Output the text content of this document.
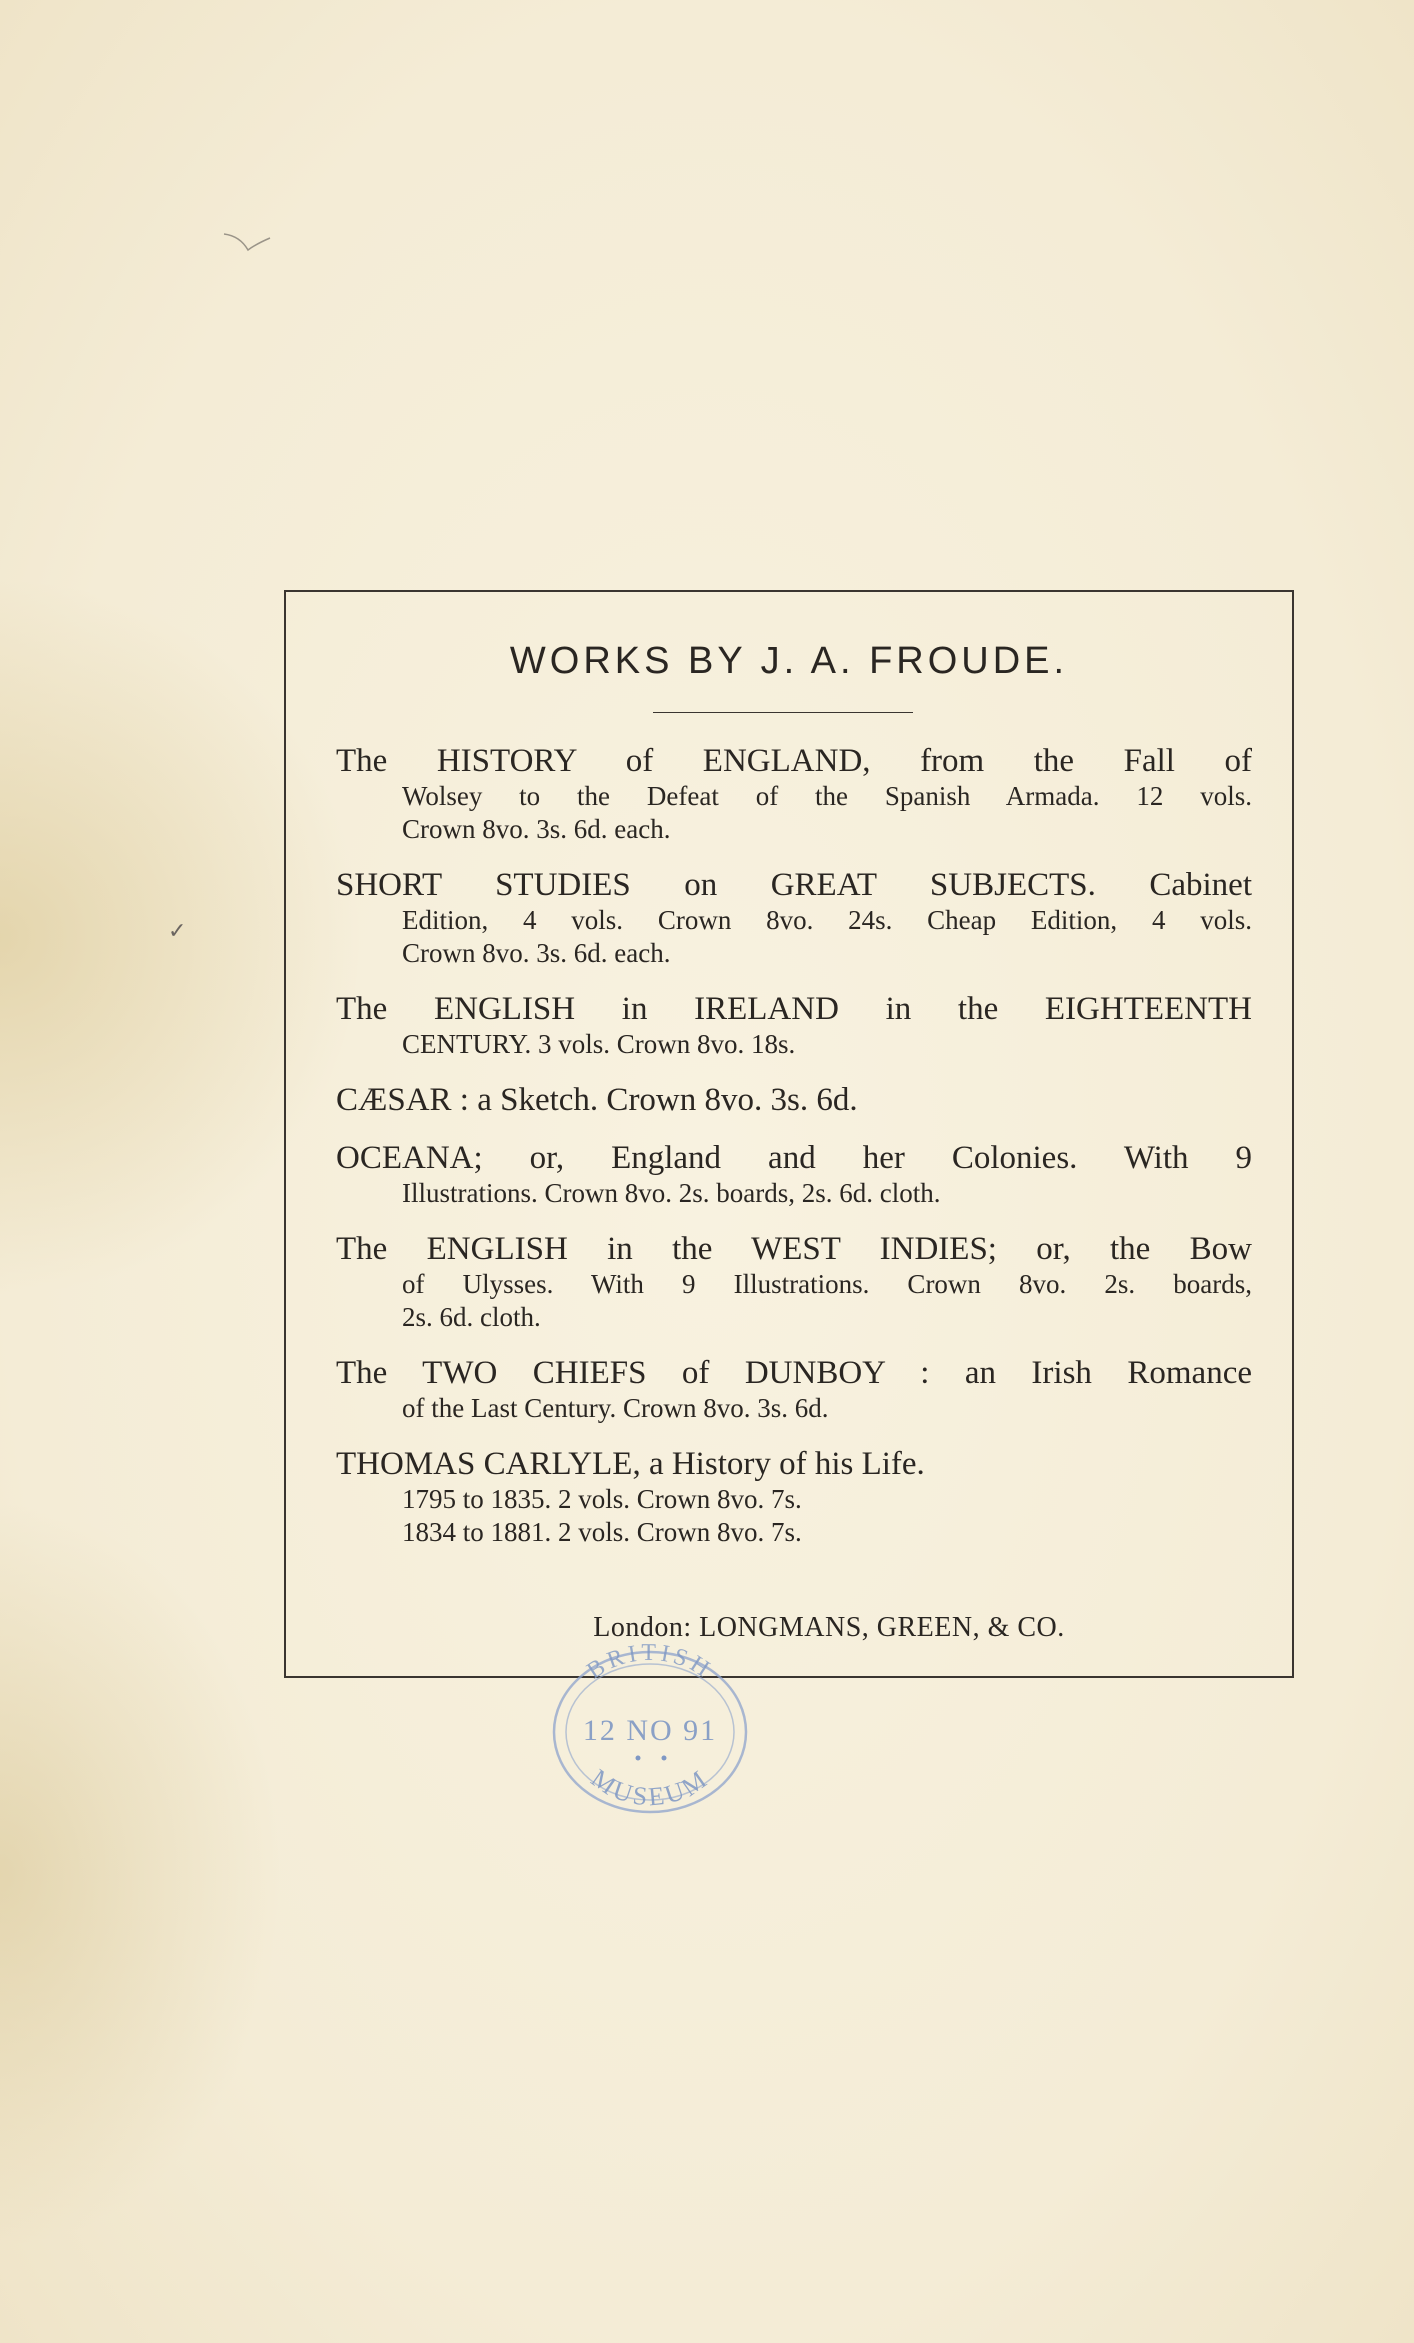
✓
WORKS BY J. A. FROUDE.
The HISTORY of ENGLAND, from the Fall of
Wolsey to the Defeat of the Spanish Armada. 12 vols.
Crown 8vo. 3s. 6d. each.
SHORT STUDIES on GREAT SUBJECTS. Cabinet
Edition, 4 vols. Crown 8vo. 24s. Cheap Edition, 4 vols.
Crown 8vo. 3s. 6d. each.
The ENGLISH in IRELAND in the EIGHTEENTH
CENTURY. 3 vols. Crown 8vo. 18s.
CÆSAR : a Sketch. Crown 8vo. 3s. 6d.
OCEANA; or, England and her Colonies. With 9
Illustrations. Crown 8vo. 2s. boards, 2s. 6d. cloth.
The ENGLISH in the WEST INDIES; or, the Bow
of Ulysses. With 9 Illustrations. Crown 8vo. 2s. boards,
2s. 6d. cloth.
The TWO CHIEFS of DUNBOY : an Irish Romance
of the Last Century. Crown 8vo. 3s. 6d.
THOMAS CARLYLE, a History of his Life.
1795 to 1835. 2 vols. Crown 8vo. 7s.
1834 to 1881. 2 vols. Crown 8vo. 7s.
London: LONGMANS, GREEN, & CO.
BRITISH
12 NO 91
MUSEUM
